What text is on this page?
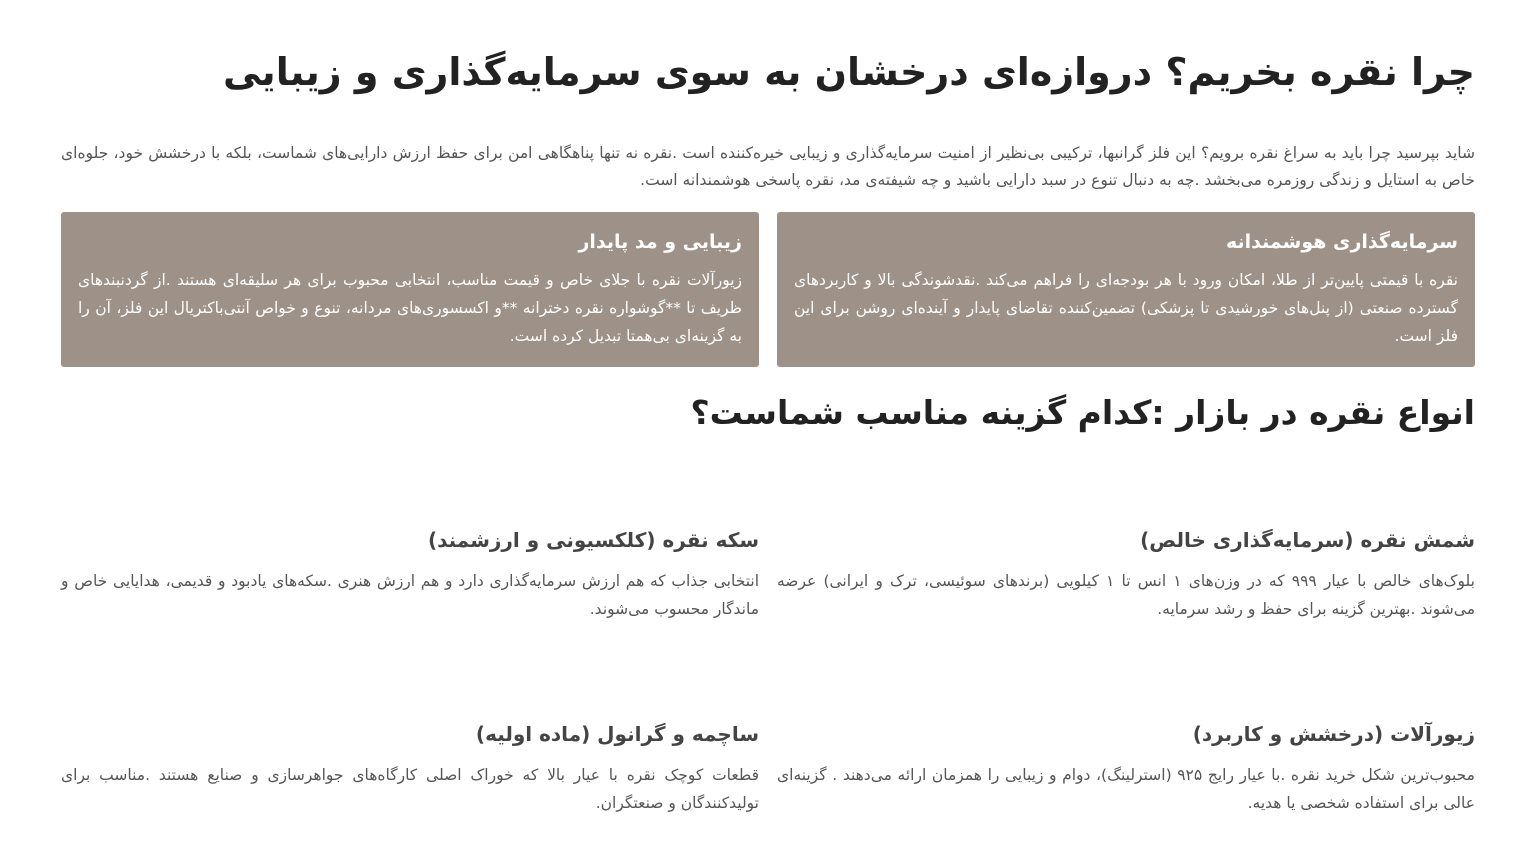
چرا نقره بخریم؟ دروازه‌ای درخشان به سوی سرمایه‌گذاری و زیبایی

شاید بپرسید چرا باید به سراغ نقره برویم؟ این فلز گرانبها، ترکیبی بی‌نظیر از امنیت سرمایه‌گذاری و زیبایی خیره‌کننده است .نقره نه تنها پناهگاهی امن برای حفظ ارزش دارایی‌های شماست، بلکه با درخشش خود، جلوه‌ای خاص به استایل و زندگی روزمره می‌بخشد .چه به دنبال تنوع در سبد دارایی باشید و چه شیفته‌ی مد، نقره پاسخی هوشمندانه است.

سرمایه‌گذاری هوشمندانه

نقره با قیمتی پایین‌تر از طلا، امکان ورود با هر بودجه‌ای را فراهم می‌کند .نقدشوندگی بالا و کاربردهای گسترده صنعتی (از پنل‌های خورشیدی تا پزشکی) تضمین‌کننده تقاضای پایدار و آینده‌ای روشن برای این فلز است.

زیبایی و مد پایدار

زیورآلات نقره با جلای خاص و قیمت مناسب، انتخابی محبوب برای هر سلیقه‌ای هستند .از گردنبندهای ظریف تا **گوشواره نقره دخترانه **و اکسسوری‌های مردانه، تنوع و خواص آنتی‌باکتریال این فلز، آن را به گزینه‌ای بی‌همتا تبدیل کرده است.

انواع نقره در بازار :کدام گزینه مناسب شماست؟
شمش نقره (سرمایه‌گذاری خالص)

بلوک‌های خالص با عیار ۹۹۹ که در وزن‌های ۱ انس تا ۱ کیلویی (برندهای سوئیسی، ترک و ایرانی) عرضه می‌شوند .بهترین گزینه برای حفظ و رشد سرمایه.

سکه نقره (کلکسیونی و ارزشمند)

انتخابی جذاب که هم ارزش سرمایه‌گذاری دارد و هم ارزش هنری .سکه‌های یادبود و قدیمی، هدایایی خاص و ماندگار محسوب می‌شوند.

زیورآلات (درخشش و کاربرد)

محبوب‌ترین شکل خرید نقره .با عیار رایج ۹۲۵ (استرلینگ)، دوام و زیبایی را همزمان ارائه می‌دهند . گزینه‌ای عالی برای استفاده شخصی یا هدیه.

ساچمه و گرانول (ماده اولیه)

قطعات کوچک نقره با عیار بالا که خوراک اصلی کارگاه‌های جواهرسازی و صنایع هستند .مناسب برای تولیدکنندگان و صنعتگران.
